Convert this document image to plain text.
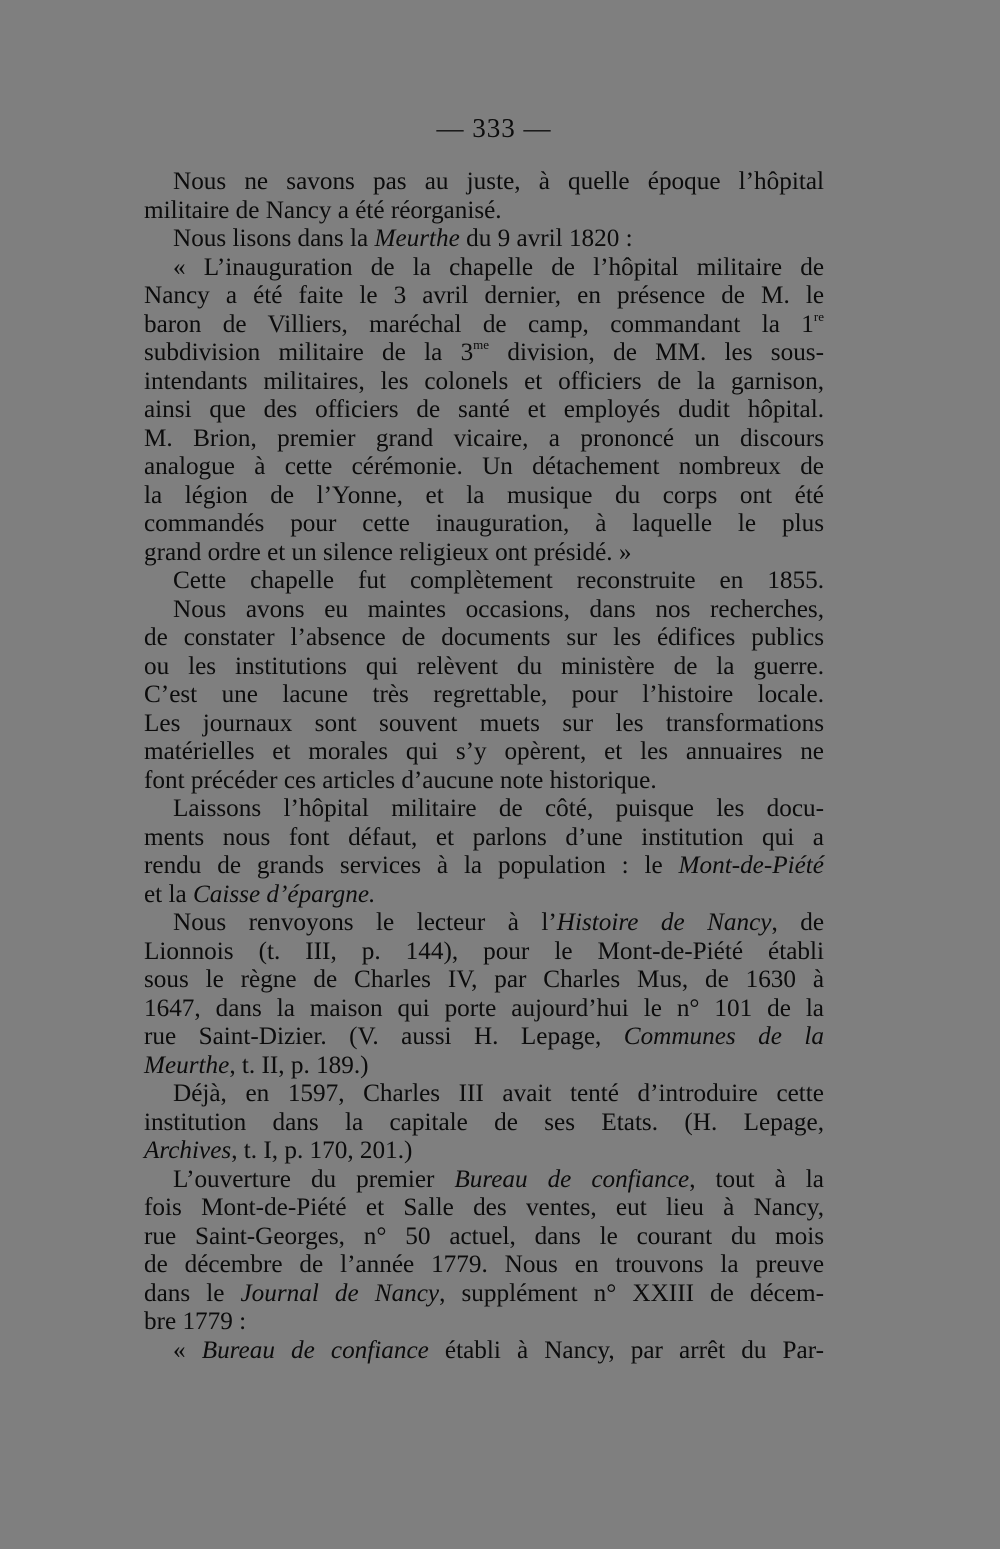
— 333 —
Nous ne savons pas au juste, à quelle époque l’hôpital
militaire de Nancy a été réorganisé.
Nous lisons dans la Meurthe du 9 avril 1820 :
« L’inauguration de la chapelle de l’hôpital militaire de
Nancy a été faite le 3 avril dernier, en présence de M. le
baron de Villiers, maréchal de camp, commandant la 1re
subdivision militaire de la $3^{me}$ division, de MM. les sous-
intendants militaires, les colonels et officiers de la garnison,
ainsi que des officiers de santé et employés dudit hôpital.
M. Brion, premier grand vicaire, a prononcé un discours
analogue à cette cérémonie. Un détachement nombreux de
la légion de l’Yonne, et la musique du corps ont été
commandés pour cette inauguration, à laquelle le plus
grand ordre et un silence religieux ont présidé. »
Cette chapelle fut complètement reconstruite en 1855.
Nous avons eu maintes occasions, dans nos recherches,
de constater l’absence de documents sur les édifices publics
ou les institutions qui relèvent du ministère de la guerre.
C’est une lacune très regrettable, pour l’histoire locale.
Les journaux sont souvent muets sur les transformations
matérielles et morales qui s’y opèrent, et les annuaires ne
font précéder ces articles d’aucune note historique.
Laissons l’hôpital militaire de côté, puisque les docu-
ments nous font défaut, et parlons d’une institution qui a
rendu de grands services à la population : le Mont-de-Piété
et la Caisse d’épargne.
Nous renvoyons le lecteur à l’Histoire de Nancy, de
Lionnois (t. III, p. 144), pour le Mont-de-Piété établi
sous le règne de Charles IV, par Charles Mus, de 1630 à
1647, dans la maison qui porte aujourd’hui le n° 101 de la
rue Saint-Dizier. (V. aussi H. Lepage, Communes de la
Meurthe, t. II, p. 189.)
Déjà, en 1597, Charles III avait tenté d’introduire cette
institution dans la capitale de ses Etats. (H. Lepage,
Archives, t. I, p. 170, 201.)
L’ouverture du premier Bureau de confiance, tout à la
fois Mont-de-Piété et Salle des ventes, eut lieu à Nancy,
rue Saint-Georges, n° 50 actuel, dans le courant du mois
de décembre de l’année 1779. Nous en trouvons la preuve
dans le Journal de Nancy, supplément n° XXIII de décem-
bre 1779 :
« Bureau de confiance établi à Nancy, par arrêt du Par-
